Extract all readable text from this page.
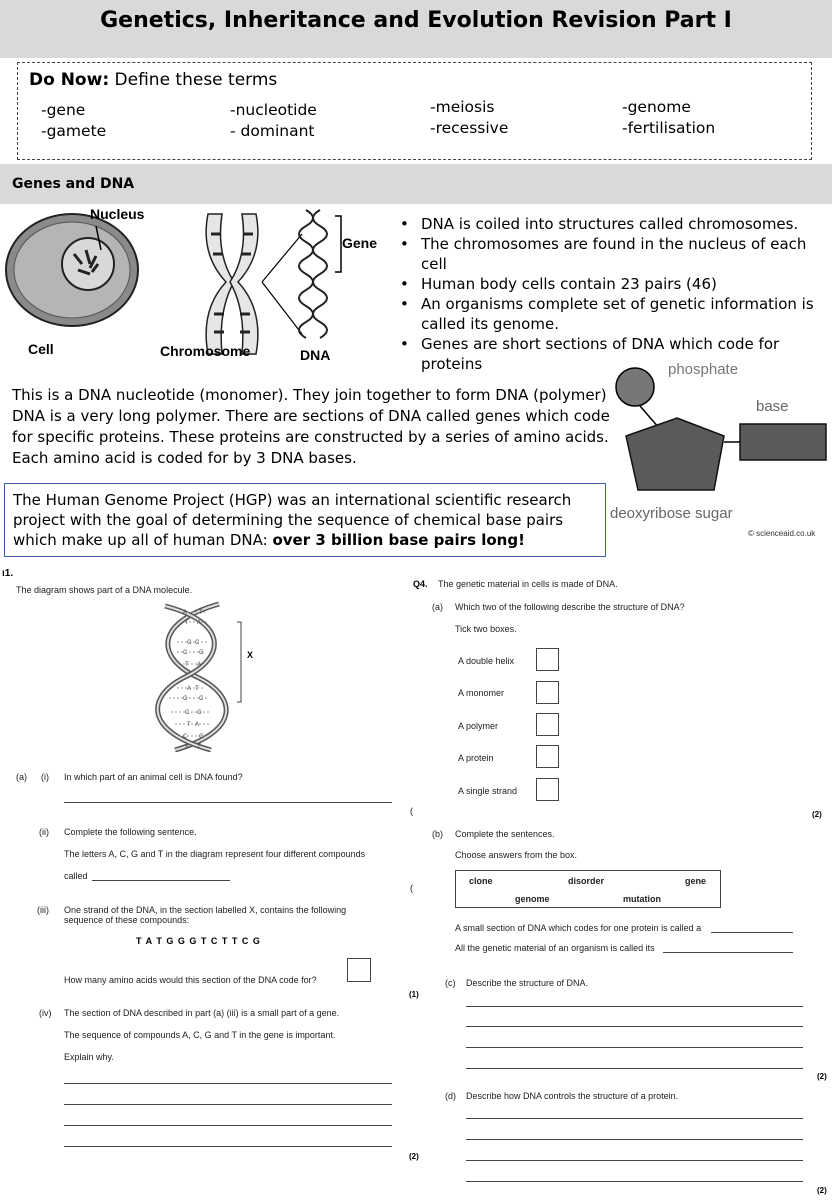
Genetics, Inheritance and Evolution Revision Part I
Do Now: Define these terms
-gene
-gamete
-nucleotide
- dominant
-meiosis
-recessive
-genome
-fertilisation
Genes and DNA
Nucleus
Gene
Cell	Chromosome	DNA
• DNA is coiled into structures called chromosomes.
• The chromosomes are found in the nucleus of each cell
• Human body cells contain 23 pairs (46)
• An organisms complete set of genetic information is called its genome.
• Genes are short sections of DNA which code for proteins
This is a DNA nucleotide (monomer). They join together to form DNA (polymer) DNA is a very long polymer. There are sections of DNA called genes which code for specific proteins. These proteins are constructed by a series of amino acids. Each amino acid is coded for by 3 DNA bases.
phosphate
base
deoxyribose sugar
© scienceaid.co.uk
The Human Genome Project (HGP) was an international scientific research project with the goal of determining the sequence of chemical base pairs which make up all of human DNA: over 3 billion base pairs long!
ı1.
The diagram shows part of a DNA molecule.
A T
T A
G C
C G
T A
A T
G C
C G
T A
C G
A T
X
(a) (i) In which part of an animal cell is DNA found?
(
(ii) Complete the following sentence.
The letters A, C, G and T in the diagram represent four different compounds
called
(
(iii) One strand of the DNA, in the section labelled X, contains the following sequence of these compounds:
T A T G G G T C T T C G
How many amino acids would this section of the DNA code for?
(1)
(iv) The section of DNA described in part (a) (iii) is a small part of a gene.
The sequence of compounds A, C, G and T in the gene is important.
Explain why.
(2)
Q4. The genetic material in cells is made of DNA.
(a) Which two of the following describe the structure of DNA?
Tick two boxes.
A double helix
A monomer
A polymer
A protein
A single strand
(2)
(b) Complete the sentences.
Choose answers from the box.
clone	disorder	gene
genome	mutation
A small section of DNA which codes for one protein is called a
All the genetic material of an organism is called its
(c) Describe the structure of DNA.
(2)
(d) Describe how DNA controls the structure of a protein.
(2)
